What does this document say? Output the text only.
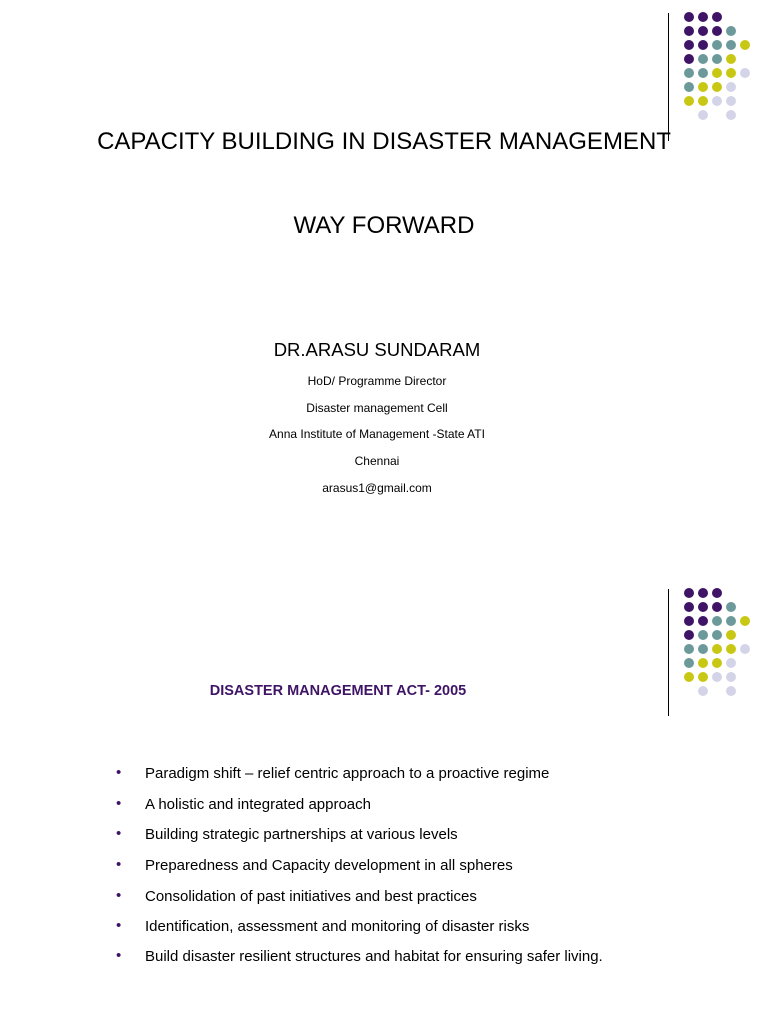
CAPACITY BUILDING IN DISASTER MANAGEMENT
WAY FORWARD
DR.ARASU SUNDARAM
HoD/ Programme Director
Disaster management Cell
Anna Institute of Management -State ATI
Chennai
arasus1@gmail.com
DISASTER MANAGEMENT ACT- 2005
• Paradigm shift – relief centric approach to a proactive regime
• A holistic and integrated approach
• Building strategic partnerships at various levels
• Preparedness and Capacity development in all spheres
• Consolidation of past initiatives and best practices
• Identification, assessment and monitoring of disaster risks
• Build disaster resilient structures and habitat for ensuring safer living.
